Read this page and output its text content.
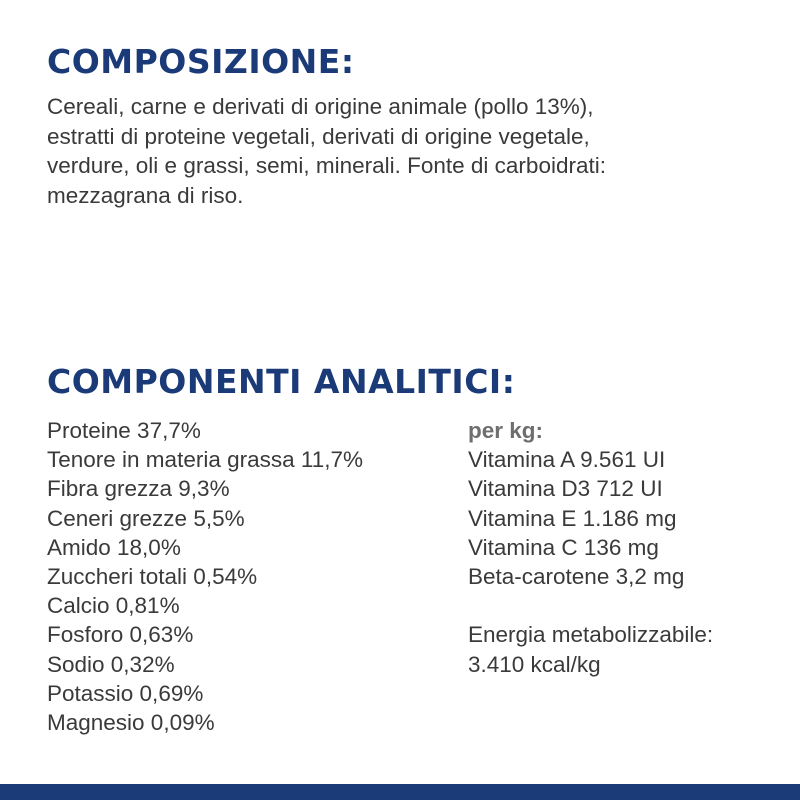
COMPOSIZIONE:

Cereali, carne e derivati di origine animale (pollo 13%),
estratti di proteine vegetali, derivati di origine vegetale,
verdure, oli e grassi, semi, minerali. Fonte di carboidrati:
mezzagrana di riso.

COMPONENTI ANALITICI:
Proteine 37,7%
Tenore in materia grassa 11,7%
Fibra grezza 9,3%
Ceneri grezze 5,5%
Amido 18,0%
Zuccheri totali 0,54%
Calcio 0,81%
Fosforo 0,63%
Sodio 0,32%
Potassio 0,69%
Magnesio 0,09%
per kg:
Vitamina A 9.561 UI
Vitamina D3 712 UI
Vitamina E 1.186 mg
Vitamina C 136 mg
Beta-carotene 3,2 mg
Energia metabolizzabile:
3.410 kcal/kg
